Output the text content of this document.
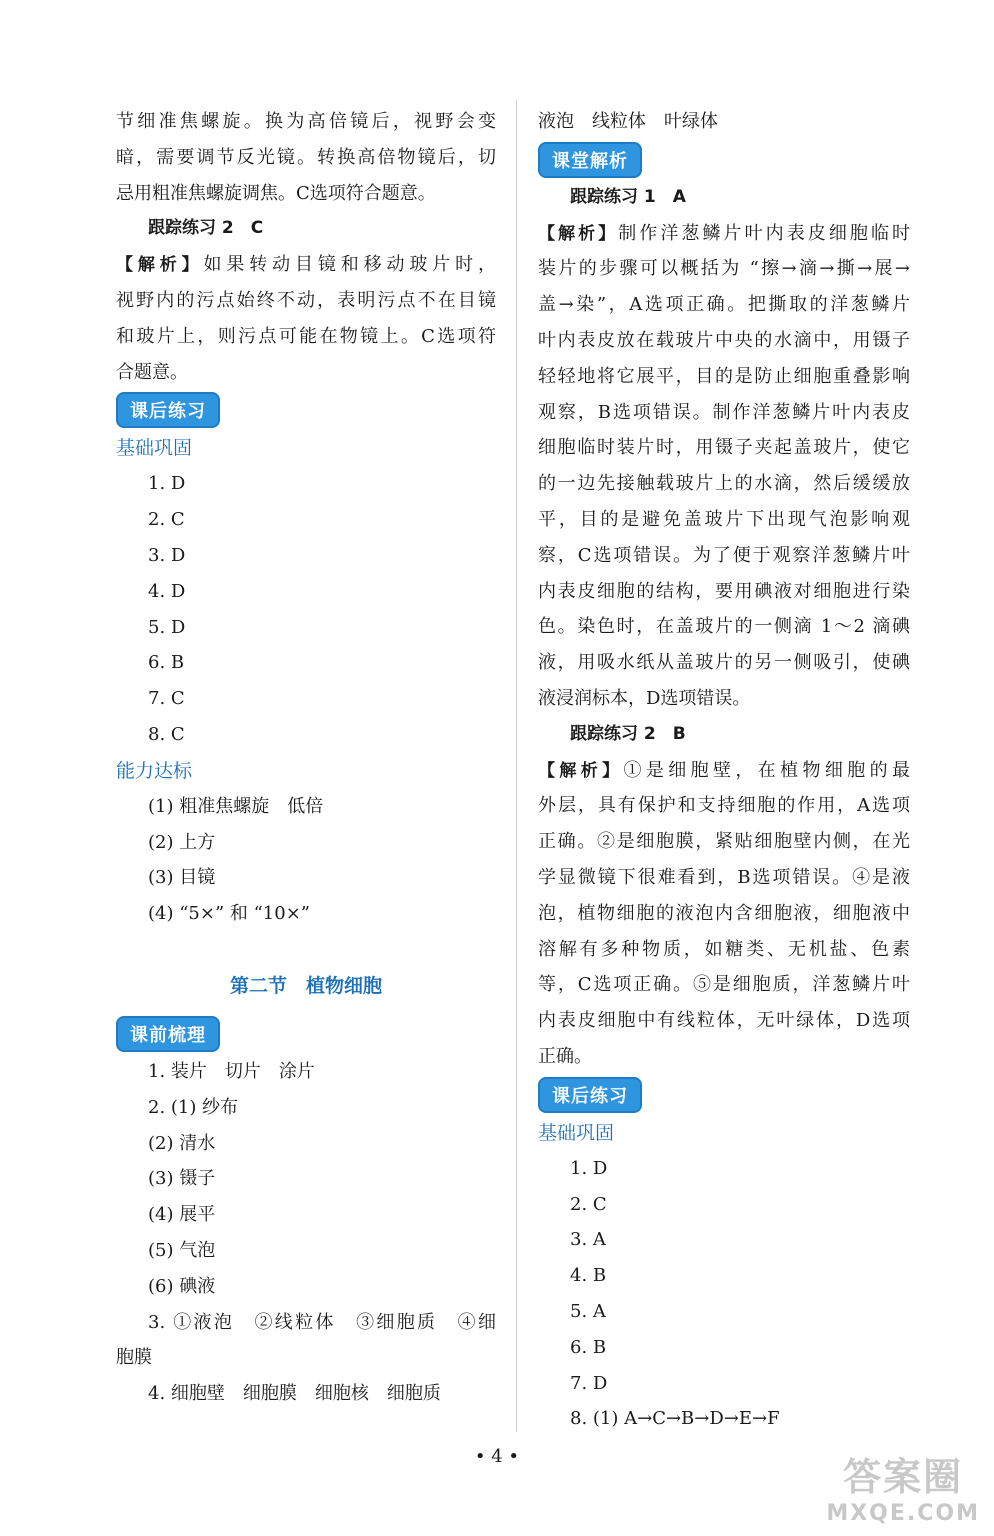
节细准焦螺旋。换为高倍镜后，视野会变
暗，需要调节反光镜。转换高倍物镜后，切
忌用粗准焦螺旋调焦。C选项符合题意。
跟踪练习 2　C
【解析】如果转动目镜和移动玻片时，
视野内的污点始终不动，表明污点不在目镜
和玻片上，则污点可能在物镜上。C选项符
合题意。
课后练习
基础巩固
1. D
2. C
3. D
4. D
5. D
6. B
7. C
8. C
能力达标
(1) 粗准焦螺旋　低倍
(2) 上方
(3) 目镜
(4) “5×” 和 “10×”
第二节　植物细胞
课前梳理
1. 装片　切片　涂片
2. (1) 纱布
(2) 清水
(3) 镊子
(4) 展平
(5) 气泡
(6) 碘液
3. ①液泡　②线粒体　③细胞质　④细
胞膜
4. 细胞壁　细胞膜　细胞核　细胞质
液泡　线粒体　叶绿体
课堂解析
跟踪练习 1　A
【解析】制作洋葱鳞片叶内表皮细胞临时
装片的步骤可以概括为 “擦→滴→撕→展→
盖→染”，A选项正确。把撕取的洋葱鳞片
叶内表皮放在载玻片中央的水滴中，用镊子
轻轻地将它展平，目的是防止细胞重叠影响
观察，B选项错误。制作洋葱鳞片叶内表皮
细胞临时装片时，用镊子夹起盖玻片，使它
的一边先接触载玻片上的水滴，然后缓缓放
平，目的是避免盖玻片下出现气泡影响观
察，C选项错误。为了便于观察洋葱鳞片叶
内表皮细胞的结构，要用碘液对细胞进行染
色。染色时，在盖玻片的一侧滴 1～2 滴碘
液，用吸水纸从盖玻片的另一侧吸引，使碘
液浸润标本，D选项错误。
跟踪练习 2　B
【解析】①是细胞壁，在植物细胞的最
外层，具有保护和支持细胞的作用，A选项
正确。②是细胞膜，紧贴细胞壁内侧，在光
学显微镜下很难看到，B选项错误。④是液
泡，植物细胞的液泡内含细胞液，细胞液中
溶解有多种物质，如糖类、无机盐、色素
等，C选项正确。⑤是细胞质，洋葱鳞片叶
内表皮细胞中有线粒体，无叶绿体，D选项
正确。
课后练习
基础巩固
1. D
2. C
3. A
4. B
5. A
6. B
7. D
8. (1) A→C→B→D→E→F
• 4 •	答案圈
MXQE.COM
